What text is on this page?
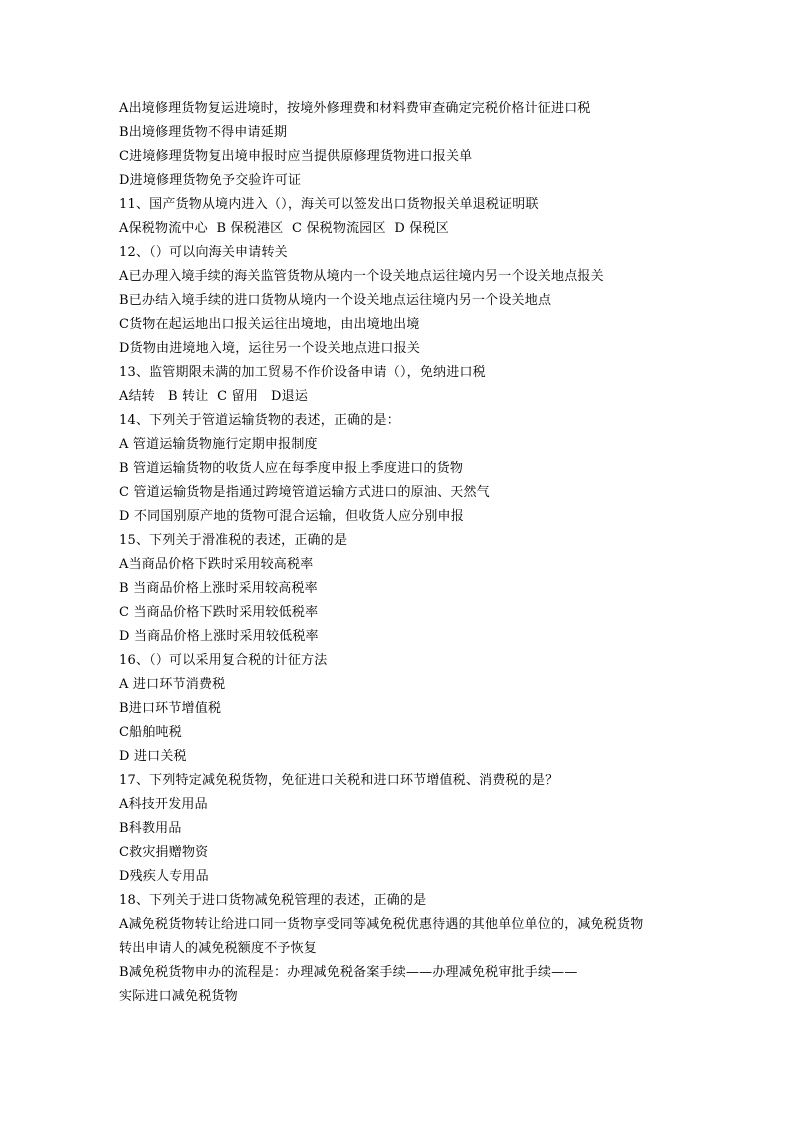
A出境修理货物复运进境时，按境外修理费和材料费审查确定完税价格计征进口税
B出境修理货物不得申请延期
C进境修理货物复出境申报时应当提供原修理货物进口报关单
D进境修理货物免予交验许可证
11、国产货物从境内进入（），海关可以签发出口货物报关单退税证明联
A保税物流中心  B 保税港区  C 保税物流园区  D 保税区
12、（）可以向海关申请转关
A已办理入境手续的海关监管货物从境内一个设关地点运往境内另一个设关地点报关
B已办结入境手续的进口货物从境内一个设关地点运往境内另一个设关地点
C货物在起运地出口报关运往出境地，由出境地出境
D货物由进境地入境，运往另一个设关地点进口报关
13、监管期限未满的加工贸易不作价设备申请（），免纳进口税
A结转   B 转让  C 留用   D退运
14、下列关于管道运输货物的表述，正确的是：
A 管道运输货物施行定期申报制度
B 管道运输货物的收货人应在每季度申报上季度进口的货物
C 管道运输货物是指通过跨境管道运输方式进口的原油、天然气
D 不同国别原产地的货物可混合运输，但收货人应分别申报
15、下列关于滑准税的表述，正确的是
A当商品价格下跌时采用较高税率
B 当商品价格上涨时采用较高税率
C 当商品价格下跌时采用较低税率
D 当商品价格上涨时采用较低税率
16、（）可以采用复合税的计征方法
A 进口环节消费税
B进口环节增值税
C船舶吨税
D 进口关税
17、下列特定减免税货物，免征进口关税和进口环节增值税、消费税的是？
A科技开发用品
B科教用品
C救灾捐赠物资
D残疾人专用品
18、下列关于进口货物减免税管理的表述，正确的是
A减免税货物转让给进口同一货物享受同等减免税优惠待遇的其他单位单位的，减免税货物
转出申请人的减免税额度不予恢复
B减免税货物申办的流程是：办理减免税备案手续——办理减免税审批手续——
实际进口减免税货物
